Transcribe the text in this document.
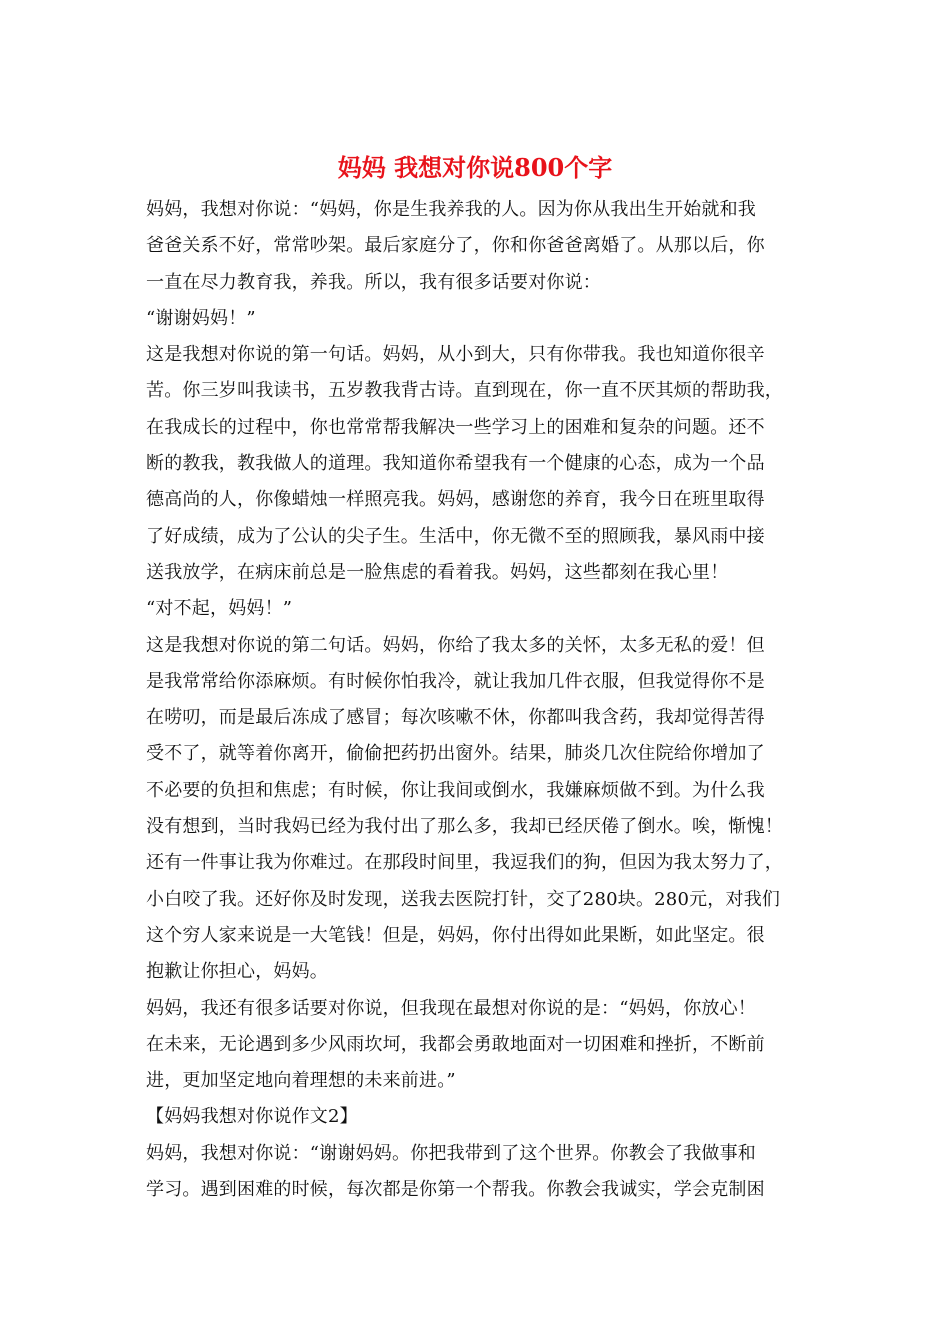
妈妈 我想对你说800个字
妈妈，我想对你说：“妈妈，你是生我养我的人。因为你从我出生开始就和我
爸爸关系不好，常常吵架。最后家庭分了，你和你爸爸离婚了。从那以后，你
一直在尽力教育我，养我。所以，我有很多话要对你说：
“谢谢妈妈！”
这是我想对你说的第一句话。妈妈，从小到大，只有你带我。我也知道你很辛
苦。你三岁叫我读书，五岁教我背古诗。直到现在，你一直不厌其烦的帮助我，
在我成长的过程中，你也常常帮我解决一些学习上的困难和复杂的问题。还不
断的教我，教我做人的道理。我知道你希望我有一个健康的心态，成为一个品
德高尚的人，你像蜡烛一样照亮我。妈妈，感谢您的养育，我今日在班里取得
了好成绩，成为了公认的尖子生。生活中，你无微不至的照顾我，暴风雨中接
送我放学，在病床前总是一脸焦虑的看着我。妈妈，这些都刻在我心里！
“对不起，妈妈！”
这是我想对你说的第二句话。妈妈，你给了我太多的关怀，太多无私的爱！但
是我常常给你添麻烦。有时候你怕我冷，就让我加几件衣服，但我觉得你不是
在唠叨，而是最后冻成了感冒；每次咳嗽不休，你都叫我含药，我却觉得苦得
受不了，就等着你离开，偷偷把药扔出窗外。结果，肺炎几次住院给你增加了
不必要的负担和焦虑；有时候，你让我间或倒水，我嫌麻烦做不到。为什么我
没有想到，当时我妈已经为我付出了那么多，我却已经厌倦了倒水。唉，惭愧！
还有一件事让我为你难过。在那段时间里，我逗我们的狗，但因为我太努力了，
小白咬了我。还好你及时发现，送我去医院打针，交了280块。280元，对我们
这个穷人家来说是一大笔钱！但是，妈妈，你付出得如此果断，如此坚定。很
抱歉让你担心，妈妈。
妈妈，我还有很多话要对你说，但我现在最想对你说的是：“妈妈，你放心！
在未来，无论遇到多少风雨坎坷，我都会勇敢地面对一切困难和挫折，不断前
进，更加坚定地向着理想的未来前进。”
【妈妈我想对你说作文2】
妈妈，我想对你说：“谢谢妈妈。你把我带到了这个世界。你教会了我做事和
学习。遇到困难的时候，每次都是你第一个帮我。你教会我诚实，学会克制困
